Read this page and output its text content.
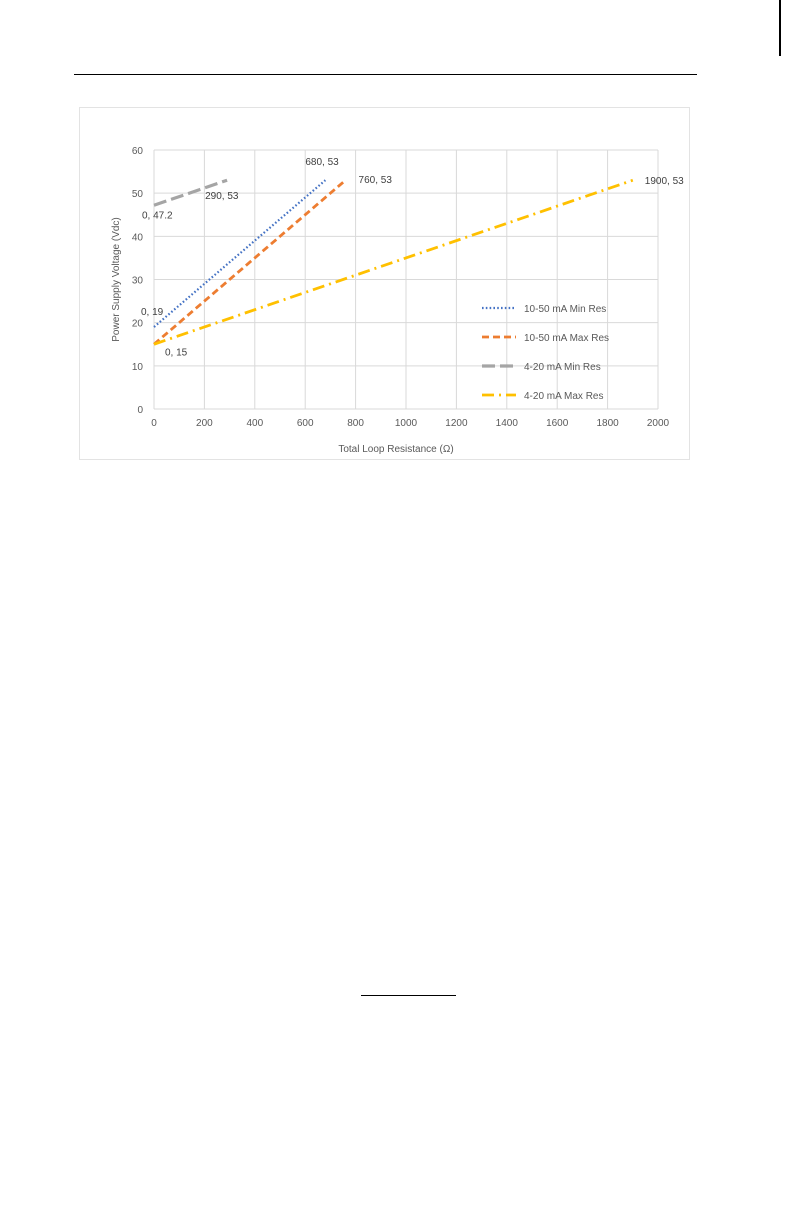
0	200	400	600	800	1000	1200	1400	1600	1800	2000
0
10
20
30
40
50
60
Total Loop Resistance (Ω)
Power Supply Voltage (Vdc)
680, 53
760, 53
290, 53
1900, 53
0, 47.2
0, 19
0, 15
10-50 mA Min Res
10-50 mA Max Res
4-20 mA Min Res
4-20 mA Max Res
